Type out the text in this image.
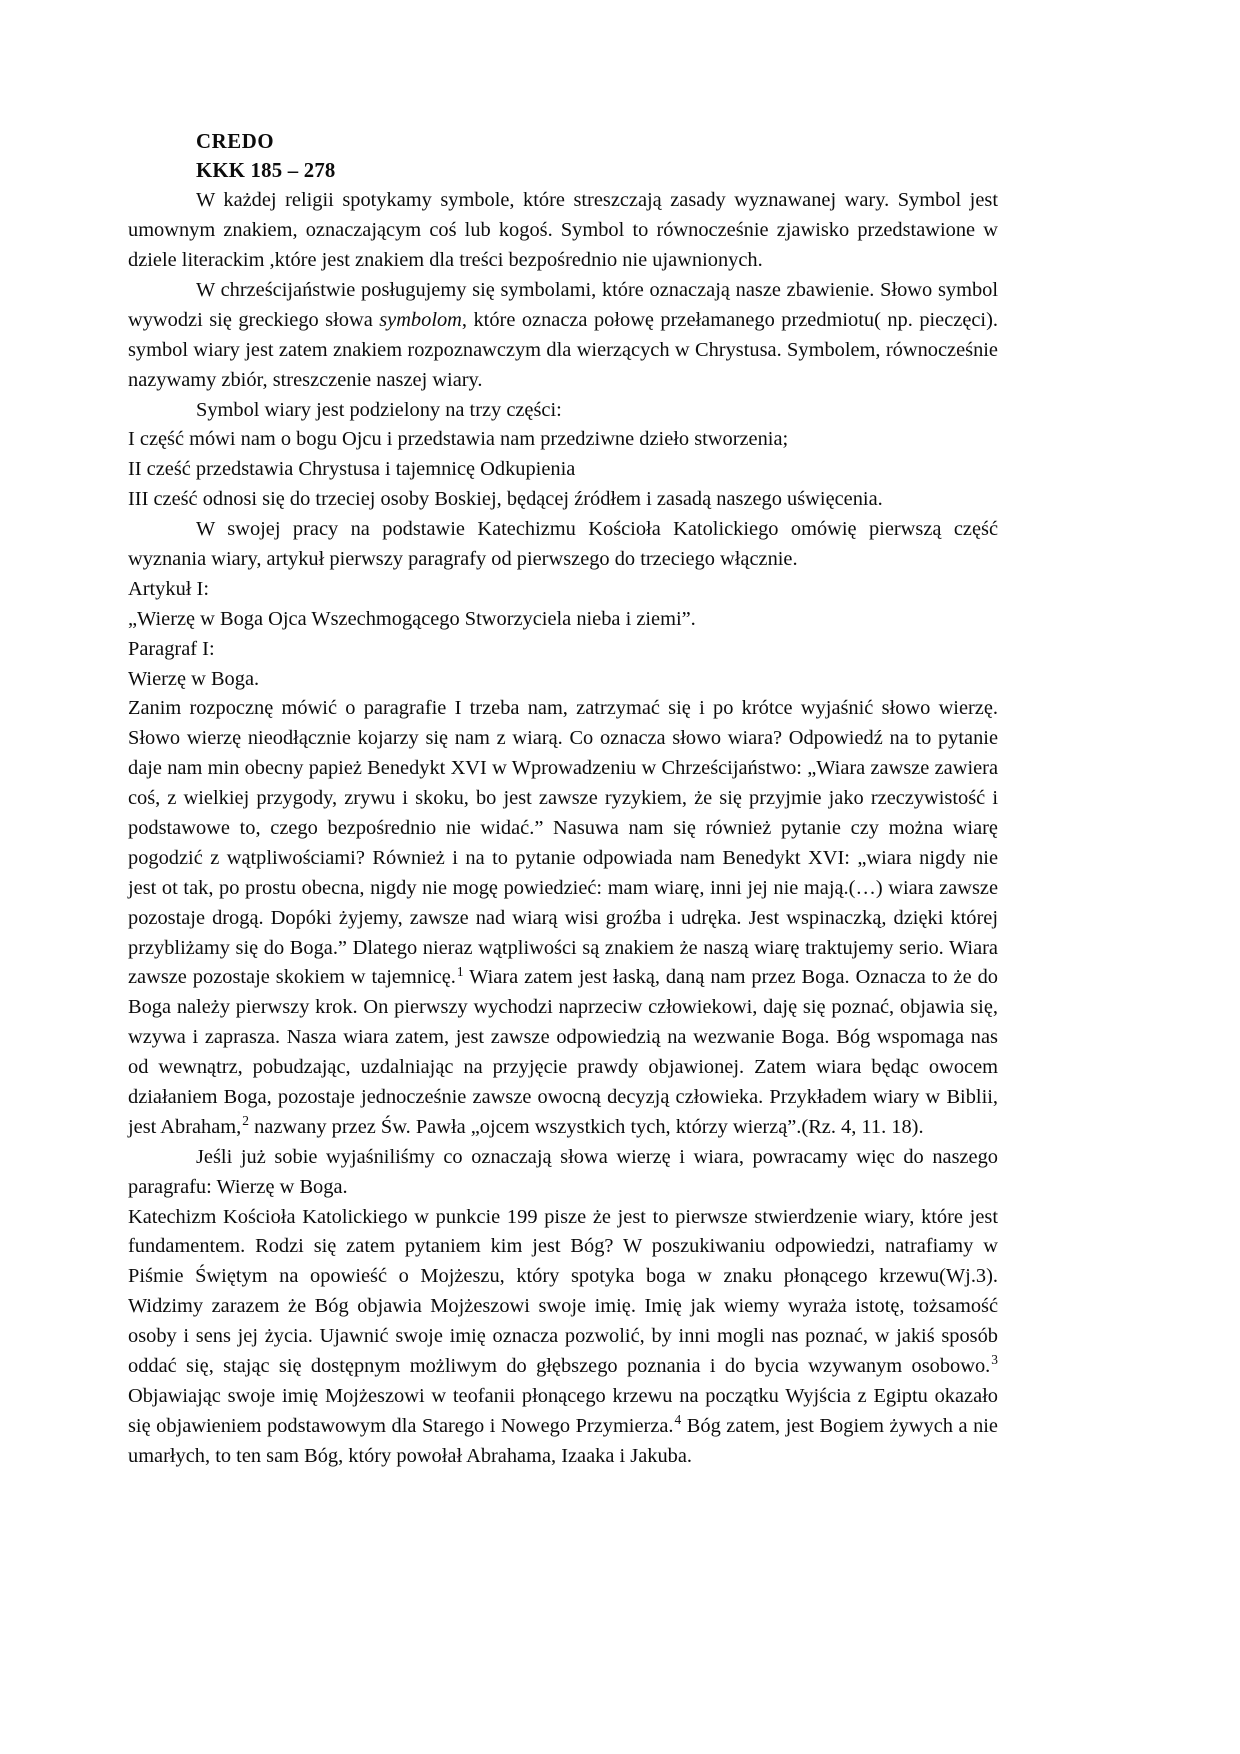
CREDO
KKK 185 – 278

W każdej religii spotykamy symbole, które streszczają zasady wyznawanej wary. Symbol jest umownym znakiem, oznaczającym coś lub kogoś. Symbol to równocześnie zjawisko przedstawione w dziele literackim ,które jest znakiem dla treści bezpośrednio nie ujawnionych.

W chrześcijaństwie posługujemy się symbolami, które oznaczają nasze zbawienie. Słowo symbol wywodzi się greckiego słowa symbolom, które oznacza połowę przełamanego przedmiotu( np. pieczęci). symbol wiary jest zatem znakiem rozpoznawczym dla wierzących w Chrystusa. Symbolem, równocześnie nazywamy zbiór, streszczenie naszej wiary.

Symbol wiary jest podzielony na trzy części:

I część mówi nam o bogu Ojcu i przedstawia nam przedziwne dzieło stworzenia;

II cześć przedstawia Chrystusa i tajemnicę Odkupienia

III cześć odnosi się do trzeciej osoby Boskiej, będącej źródłem i zasadą naszego uświęcenia.

W swojej pracy na podstawie Katechizmu Kościoła Katolickiego omówię pierwszą część wyznania wiary, artykuł pierwszy paragrafy od pierwszego do trzeciego włącznie.

Artykuł I:

„Wierzę w Boga Ojca Wszechmogącego Stworzyciela nieba i ziemi”.

Paragraf I:

Wierzę w Boga.

Zanim rozpocznę mówić o paragrafie I trzeba nam, zatrzymać się i po krótce wyjaśnić słowo wierzę. Słowo wierzę nieodłącznie kojarzy się nam z wiarą. Co oznacza słowo wiara? Odpowiedź na to pytanie daje nam min obecny papież Benedykt XVI w Wprowadzeniu w Chrześcijaństwo: „Wiara zawsze zawiera coś, z wielkiej przygody, zrywu i skoku, bo jest zawsze ryzykiem, że się przyjmie jako rzeczywistość i podstawowe to, czego bezpośrednio nie widać.” Nasuwa nam się również pytanie czy można wiarę pogodzić z wątpliwościami? Również i na to pytanie odpowiada nam Benedykt XVI: „wiara nigdy nie jest ot tak, po prostu obecna, nigdy nie mogę powiedzieć: mam wiarę, inni jej nie mają.(…) wiara zawsze pozostaje drogą. Dopóki żyjemy, zawsze nad wiarą wisi groźba i udręka. Jest wspinaczką, dzięki której przybliżamy się do Boga.” Dlatego nieraz wątpliwości są znakiem że naszą wiarę traktujemy serio. Wiara zawsze pozostaje skokiem w tajemnicę.$^1$ Wiara zatem jest łaską, daną nam przez Boga. Oznacza to że do Boga należy pierwszy krok. On pierwszy wychodzi naprzeciw człowiekowi, daję się poznać, objawia się, wzywa i zaprasza. Nasza wiara zatem, jest zawsze odpowiedzią na wezwanie Boga. Bóg wspomaga nas od wewnątrz, pobudzając, uzdalniając na przyjęcie prawdy objawionej. Zatem wiara będąc owocem działaniem Boga, pozostaje jednocześnie zawsze owocną decyzją człowieka. Przykładem wiary w Biblii, jest Abraham,$^2$ nazwany przez Św. Pawła „ojcem wszystkich tych, którzy wierzą”.(Rz. 4, 11. 18).

Jeśli już sobie wyjaśniliśmy co oznaczają słowa wierzę i wiara, powracamy więc do naszego paragrafu: Wierzę w Boga.

Katechizm Kościoła Katolickiego w punkcie 199 pisze że jest to pierwsze stwierdzenie wiary, które jest fundamentem. Rodzi się zatem pytaniem kim jest Bóg? W poszukiwaniu odpowiedzi, natrafiamy w Piśmie Świętym na opowieść o Mojżeszu, który spotyka boga w znaku płonącego krzewu(Wj.3). Widzimy zarazem że Bóg objawia Mojżeszowi swoje imię. Imię jak wiemy wyraża istotę, tożsamość osoby i sens jej życia. Ujawnić swoje imię oznacza pozwolić, by inni mogli nas poznać, w jakiś sposób oddać się, stając się dostępnym możliwym do głębszego poznania i do bycia wzywanym osobowo.$^3$ Objawiając swoje imię Mojżeszowi w teofanii płonącego krzewu na początku Wyjścia z Egiptu okazało się objawieniem podstawowym dla Starego i Nowego Przymierza.$^4$ Bóg zatem, jest Bogiem żywych a nie umarłych, to ten sam Bóg, który powołał Abrahama, Izaaka i Jakuba.
